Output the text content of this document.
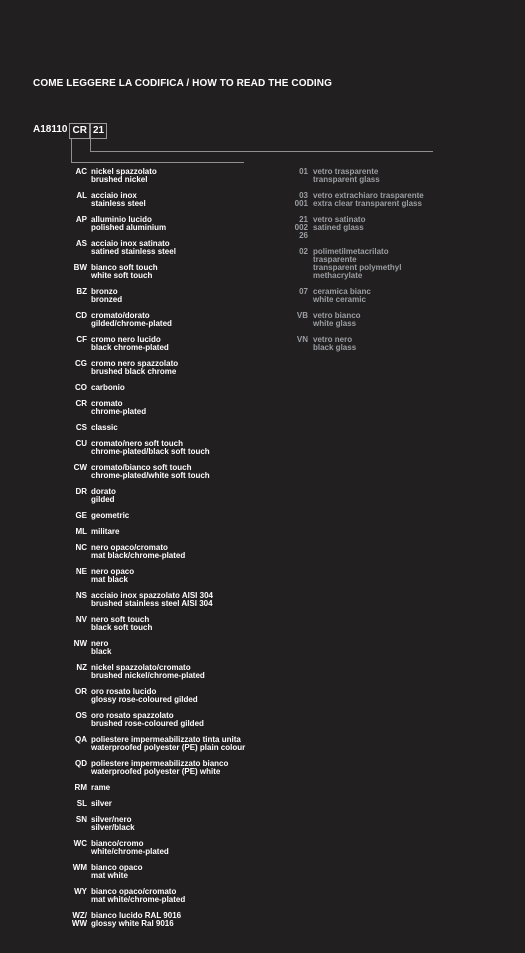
COME LEGGERE LA CODIFICA / HOW TO READ THE CODING
A18110 CR 21
AC nickel spazzolato
brushed nickel
AL acciaio inox
stainless steel
AP alluminio lucido
polished aluminium
AS acciaio inox satinato
satined stainless steel
BW bianco soft touch
white soft touch
BZ bronzo
bronzed
CD cromato/dorato
gilded/chrome-plated
CF cromo nero lucido
black chrome-plated
CG cromo nero spazzolato
brushed black chrome
CO carbonio
CR cromato
chrome-plated
CS classic
CU cromato/nero soft touch
chrome-plated/black soft touch
CW cromato/bianco soft touch
chrome-plated/white soft touch
DR dorato
gilded
GE geometric
ML militare
NC nero opaco/cromato
mat black/chrome-plated
NE nero opaco
mat black
NS acciaio inox spazzolato AISI 304
brushed stainless steel AISI 304
NV nero soft touch
black soft touch
NW nero
black
NZ nickel spazzolato/cromato
brushed nickel/chrome-plated
OR oro rosato lucido
glossy rose-coloured gilded
OS oro rosato spazzolato
brushed rose-coloured gilded
QA poliestere impermeabilizzato tinta unita
waterproofed polyester (PE) plain colour
QD poliestere impermeabilizzato bianco
waterproofed polyester (PE) white
RM rame
SL silver
SN silver/nero
silver/black
WC bianco/cromo
white/chrome-plated
WM bianco opaco
mat white
WY bianco opaco/cromato
mat white/chrome-plated
WZ/
WW
bianco lucido RAL 9016
glossy white Ral 9016
01 vetro trasparente
transparent glass
03
001
vetro extrachiaro trasparente
extra clear transparent glass
21
002
26
vetro satinato
satined glass
02 polimetilmetacrilato
trasparente
transparent polymethyl
methacrylate
07 ceramica bianc
white ceramic
VB vetro bianco
white glass
VN vetro nero
black glass
